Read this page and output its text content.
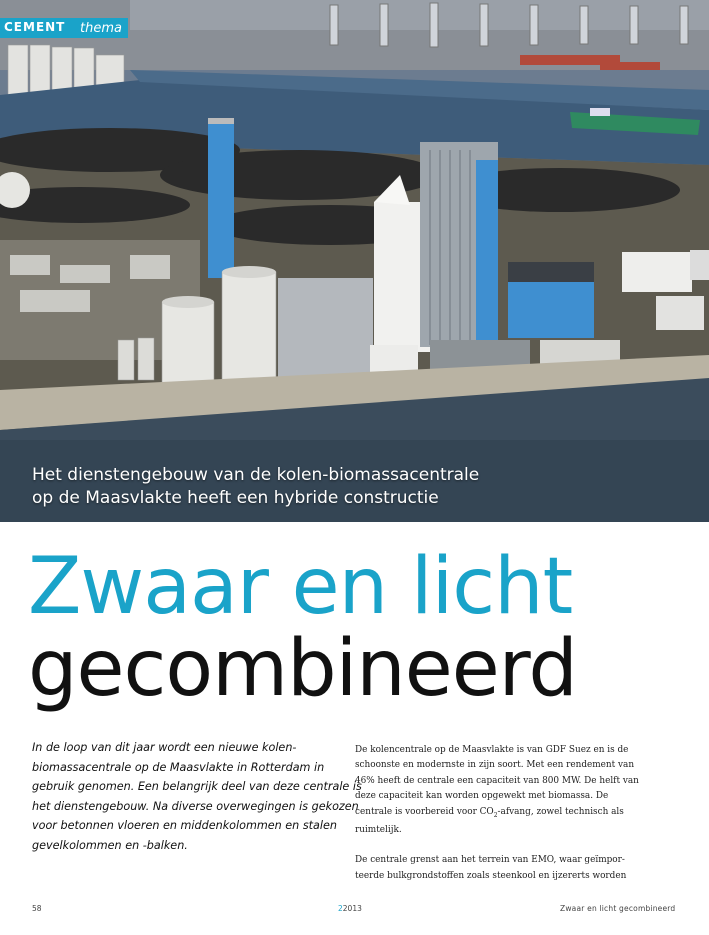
CEMENT thema
Het dienstengebouw van de kolen-biomassacentrale
op de Maasvlakte heeft een hybride constructie
Zwaar en licht
gecombineerd
In de loop van dit jaar wordt een nieuwe kolen-
biomassacentrale op de Maasvlakte in Rotterdam in
gebruik genomen. Een belangrijk deel van deze centrale is
het dienstengebouw. Na diverse overwegingen is gekozen
voor betonnen vloeren en middenkolommen en stalen
gevelkolommen en -balken.
De kolencentrale op de Maasvlakte is van GDF Suez en is de
schoonste en modernste in zijn soort. Met een rendement van
46% heeft de centrale een capaciteit van 800 MW. De helft van
deze capaciteit kan worden opgewekt met biomassa. De
centrale is voorbereid voor $CO_2$-afvang, zowel technisch als
ruimtelijk.
De centrale grenst aan het terrein van EMO, waar geïmpor-
teerde bulkgrondstoffen zoals steenkool en ijzererts worden
58	22013	Zwaar en licht gecombineerd
